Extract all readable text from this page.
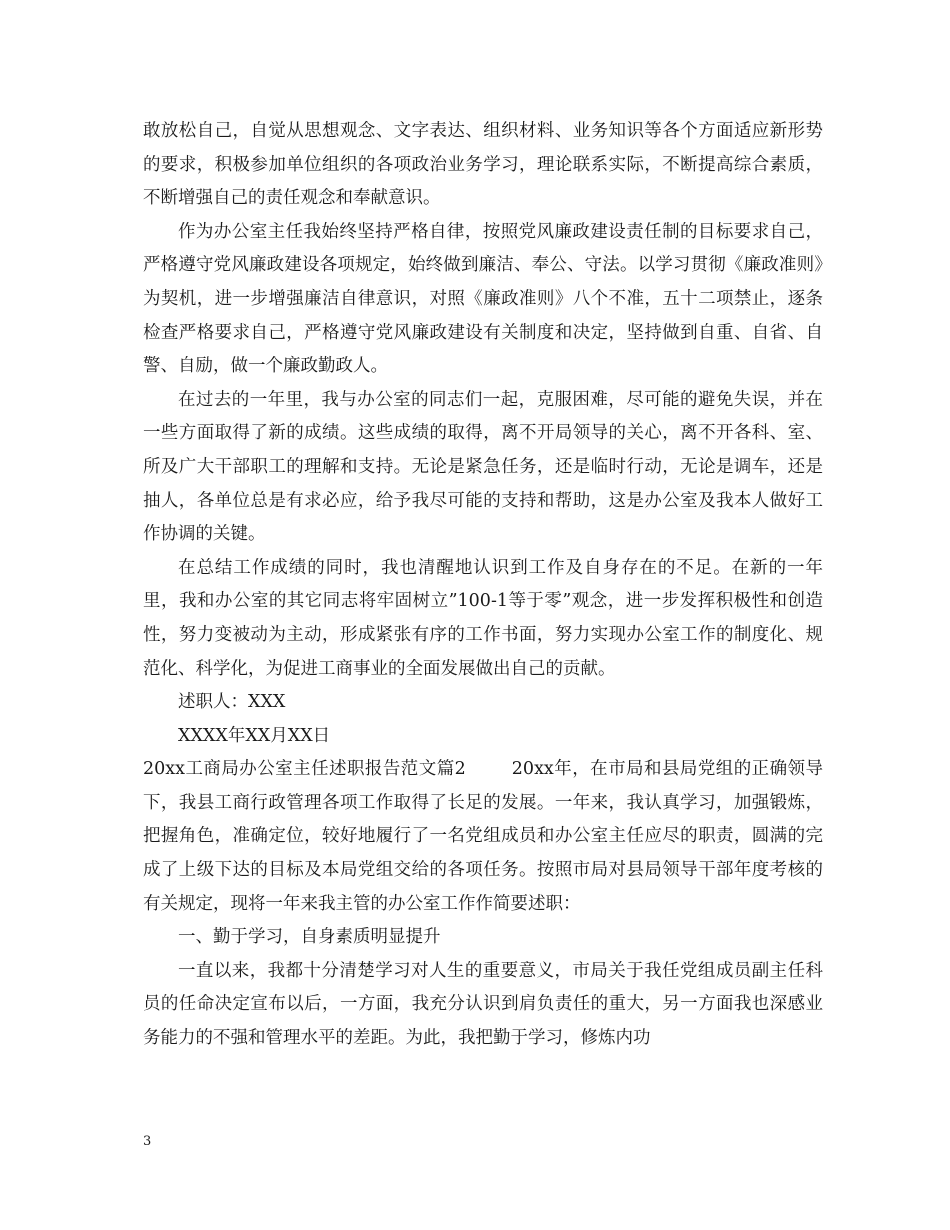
敢放松自己，自觉从思想观念、文字表达、组织材料、业务知识等各个方面适应新形势的要求，积极参加单位组织的各项政治业务学习，理论联系实际，不断提高综合素质，不断增强自己的责任观念和奉献意识。

作为办公室主任我始终坚持严格自律，按照党风廉政建设责任制的目标要求自己，严格遵守党风廉政建设各项规定，始终做到廉洁、奉公、守法。以学习贯彻《廉政准则》为契机，进一步增强廉洁自律意识，对照《廉政准则》八个不准，五十二项禁止，逐条检查严格要求自己，严格遵守党风廉政建设有关制度和决定，坚持做到自重、自省、自警、自励，做一个廉政勤政人。

在过去的一年里，我与办公室的同志们一起，克服困难，尽可能的避免失误，并在一些方面取得了新的成绩。这些成绩的取得，离不开局领导的关心，离不开各科、室、所及广大干部职工的理解和支持。无论是紧急任务，还是临时行动，无论是调车，还是抽人，各单位总是有求必应，给予我尽可能的支持和帮助，这是办公室及我本人做好工作协调的关键。

在总结工作成绩的同时，我也清醒地认识到工作及自身存在的不足。在新的一年里，我和办公室的其它同志将牢固树立”100-1等于零”观念，进一步发挥积极性和创造性，努力变被动为主动，形成紧张有序的工作书面，努力实现办公室工作的制度化、规范化、科学化，为促进工商事业的全面发展做出自己的贡献。

述职人：XXX

XXXX年XX月XX日

20xx工商局办公室主任述职报告范文篇2	20xx年，在市局和县局党组的正确领导下，我县工商行政管理各项工作取得了长足的发展。一年来，我认真学习，加强锻炼，把握角色，准确定位，较好地履行了一名党组成员和办公室主任应尽的职责，圆满的完成了上级下达的目标及本局党组交给的各项任务。按照市局对县局领导干部年度考核的有关规定，现将一年来我主管的办公室工作作简要述职：

一、勤于学习，自身素质明显提升

一直以来，我都十分清楚学习对人生的重要意义，市局关于我任党组成员副主任科员的任命决定宣布以后，一方面，我充分认识到肩负责任的重大，另一方面我也深感业务能力的不强和管理水平的差距。为此，我把勤于学习，修炼内功

3
